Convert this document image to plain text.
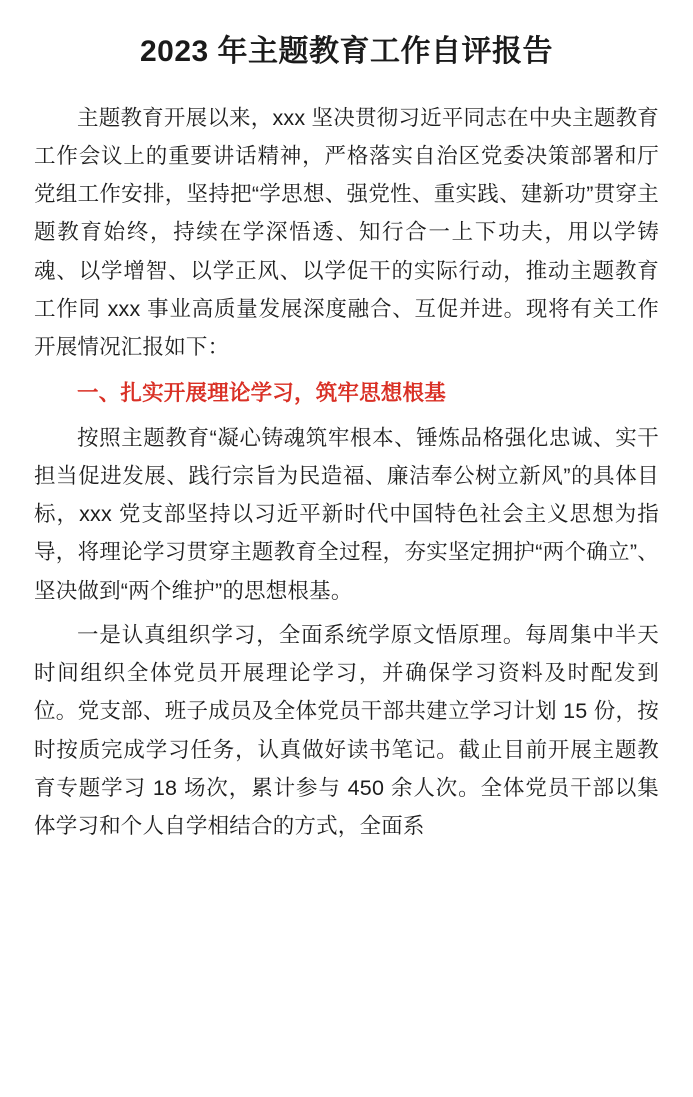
2023 年主题教育工作自评报告

主题教育开展以来，xxx 坚决贯彻习近平同志在中央主题教育工作会议上的重要讲话精神，严格落实自治区党委决策部署和厅党组工作安排，坚持把“学思想、强党性、重实践、建新功”贯穿主题教育始终，持续在学深悟透、知行合一上下功夫，用以学铸魂、以学增智、以学正风、以学促干的实际行动，推动主题教育工作同 xxx 事业高质量发展深度融合、互促并进。现将有关工作开展情况汇报如下：

一、扎实开展理论学习，筑牢思想根基

按照主题教育“凝心铸魂筑牢根本、锤炼品格强化忠诚、实干担当促进发展、践行宗旨为民造福、廉洁奉公树立新风”的具体目标，xxx 党支部坚持以习近平新时代中国特色社会主义思想为指导，将理论学习贯穿主题教育全过程，夯实坚定拥护“两个确立”、坚决做到“两个维护”的思想根基。

一是认真组织学习，全面系统学原文悟原理。每周集中半天时间组织全体党员开展理论学习，并确保学习资料及时配发到位。党支部、班子成员及全体党员干部共建立学习计划 15 份，按时按质完成学习任务，认真做好读书笔记。截止目前开展主题教育专题学习 18 场次，累计参与 450 余人次。全体党员干部以集体学习和个人自学相结合的方式，全面系
